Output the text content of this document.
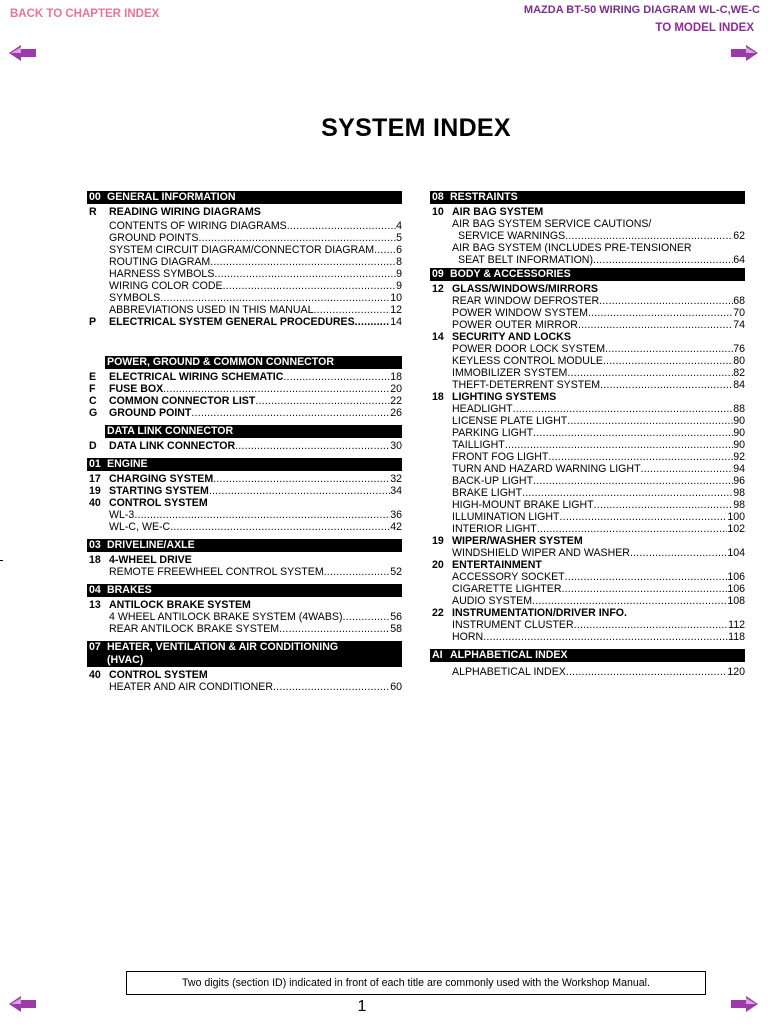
BACK TO CHAPTER INDEX	MAZDA BT-50 WIRING DIAGRAM WL-C,WE-C
TO MODEL INDEX
SYSTEM INDEX
00 GENERAL INFORMATION
R	READING WIRING DIAGRAMS
CONTENTS OF WIRING DIAGRAMS .....	4
GROUND POINTS .....	5
SYSTEM CIRCUIT DIAGRAM/CONNECTOR DIAGRAM ..... 6
ROUTING DIAGRAM .....	8
HARNESS SYMBOLS .....	9
WIRING COLOR CODE .....	9
SYMBOLS .....	10
ABBREVIATIONS USED IN THIS MANUAL .....	12
P	ELECTRICAL SYSTEM GENERAL PROCEDURES .....	14
POWER, GROUND & COMMON CONNECTOR
E	ELECTRICAL WIRING SCHEMATIC .....	18
F	FUSE BOX .....	20
C	COMMON CONNECTOR LIST .....	22
G	GROUND POINT .....	26
DATA LINK CONNECTOR
D	DATA LINK CONNECTOR .....	30
01 ENGINE
17 CHARGING SYSTEM .....	32
19 STARTING SYSTEM .....	34
40 CONTROL SYSTEM
WL-3 .....	36
WL-C, WE-C .....	42
03 DRIVELINE/AXLE
18 4-WHEEL DRIVE
REMOTE FREEWHEEL CONTROL SYSTEM .....	52
04 BRAKES
13 ANTILOCK BRAKE SYSTEM
4 WHEEL ANTILOCK BRAKE SYSTEM (4WABS) .....	56
REAR ANTILOCK BRAKE SYSTEM .....	58
07 HEATER, VENTILATION & AIR CONDITIONING (HVAC)
40 CONTROL SYSTEM
HEATER AND AIR CONDITIONER .....	60
08 RESTRAINTS
10 AIR BAG SYSTEM
AIR BAG SYSTEM SERVICE CAUTIONS/
SERVICE WARNINGS .....	62
AIR BAG SYSTEM (INCLUDES PRE-TENSIONER
SEAT BELT INFORMATION) .....	64
09 BODY & ACCESSORIES
12 GLASS/WINDOWS/MIRRORS
REAR WINDOW DEFROSTER .....	68
POWER WINDOW SYSTEM .....	70
POWER OUTER MIRROR .....	74
14 SECURITY AND LOCKS
POWER DOOR LOCK SYSTEM .....	76
KEYLESS CONTROL MODULE .....	80
IMMOBILIZER SYSTEM .....	82
THEFT-DETERRENT SYSTEM .....	84
18 LIGHTING SYSTEMS
HEADLIGHT .....	88
LICENSE PLATE LIGHT .....	90
PARKING LIGHT .....	90
TAILLIGHT .....	90
FRONT FOG LIGHT .....	92
TURN AND HAZARD WARNING LIGHT .....	94
BACK-UP LIGHT .....	96
BRAKE LIGHT .....	98
HIGH-MOUNT BRAKE LIGHT .....	98
ILLUMINATION LIGHT .....	100
INTERIOR LIGHT .....	102
19 WIPER/WASHER SYSTEM
WINDSHIELD WIPER AND WASHER .....	104
20 ENTERTAINMENT
ACCESSORY SOCKET .....	106
CIGARETTE LIGHTER .....	106
AUDIO SYSTEM .....	108
22 INSTRUMENTATION/DRIVER INFO.
INSTRUMENT CLUSTER .....	112
HORN .....	118
AI ALPHABETICAL INDEX
ALPHABETICAL INDEX .....	120
Two digits (section ID) indicated in front of each title are commonly used with the Workshop Manual.
1
